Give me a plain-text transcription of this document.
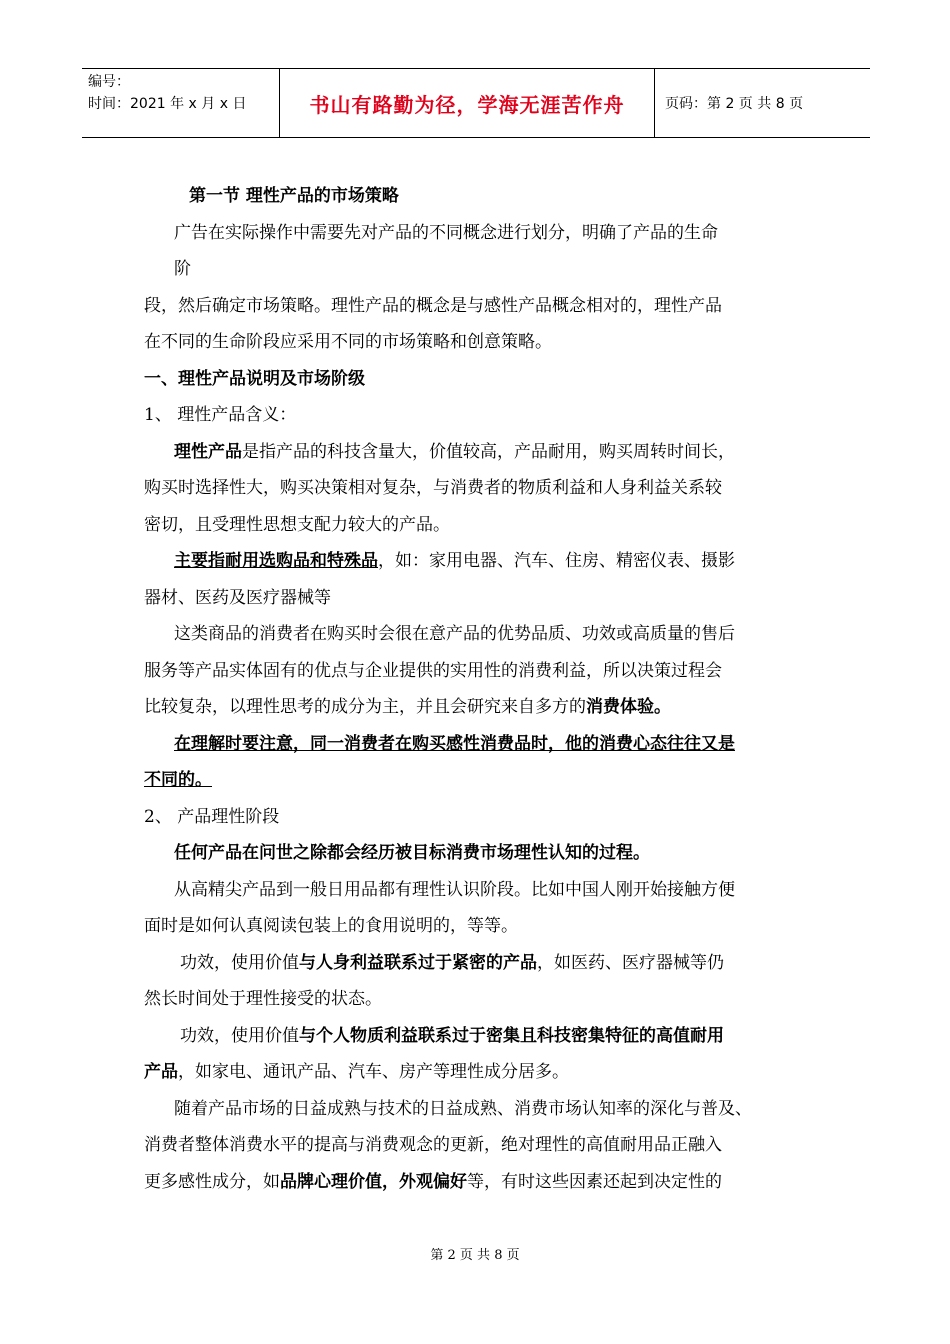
编号：
时间：2021 年 x 月 x 日	书山有路勤为径，学海无涯苦作舟	页码：第 2 页 共 8 页
第一节 理性产品的市场策略
广告在实际操作中需要先对产品的不同概念进行划分，明确了产品的生命
阶
段，然后确定市场策略。理性产品的概念是与感性产品概念相对的，理性产品
在不同的生命阶段应采用不同的市场策略和创意策略。
一、理性产品说明及市场阶级
1、 理性产品含义：
理性产品是指产品的科技含量大，价值较高，产品耐用，购买周转时间长，
购买时选择性大，购买决策相对复杂，与消费者的物质利益和人身利益关系较
密切，且受理性思想支配力较大的产品。
主要指耐用选购品和特殊品，如：家用电器、汽车、住房、精密仪表、摄影
器材、医药及医疗器械等
这类商品的消费者在购买时会很在意产品的优势品质、功效或高质量的售后
服务等产品实体固有的优点与企业提供的实用性的消费利益，所以决策过程会
比较复杂，以理性思考的成分为主，并且会研究来自多方的消费体验。
在理解时要注意，同一消费者在购买感性消费品时，他的消费心态往往又是
不同的。
2、 产品理性阶段
任何产品在问世之除都会经历被目标消费市场理性认知的过程。
从高精尖产品到一般日用品都有理性认识阶段。比如中国人刚开始接触方便
面时是如何认真阅读包装上的食用说明的，等等。
功效，使用价值与人身利益联系过于紧密的产品，如医药、医疗器械等仍
然长时间处于理性接受的状态。
功效，使用价值与个人物质利益联系过于密集且科技密集特征的高值耐用
产品，如家电、通讯产品、汽车、房产等理性成分居多。
随着产品市场的日益成熟与技术的日益成熟、消费市场认知率的深化与普及、
消费者整体消费水平的提高与消费观念的更新，绝对理性的高值耐用品正融入
更多感性成分，如品牌心理价值，外观偏好等，有时这些因素还起到决定性的
第 2 页 共 8 页
